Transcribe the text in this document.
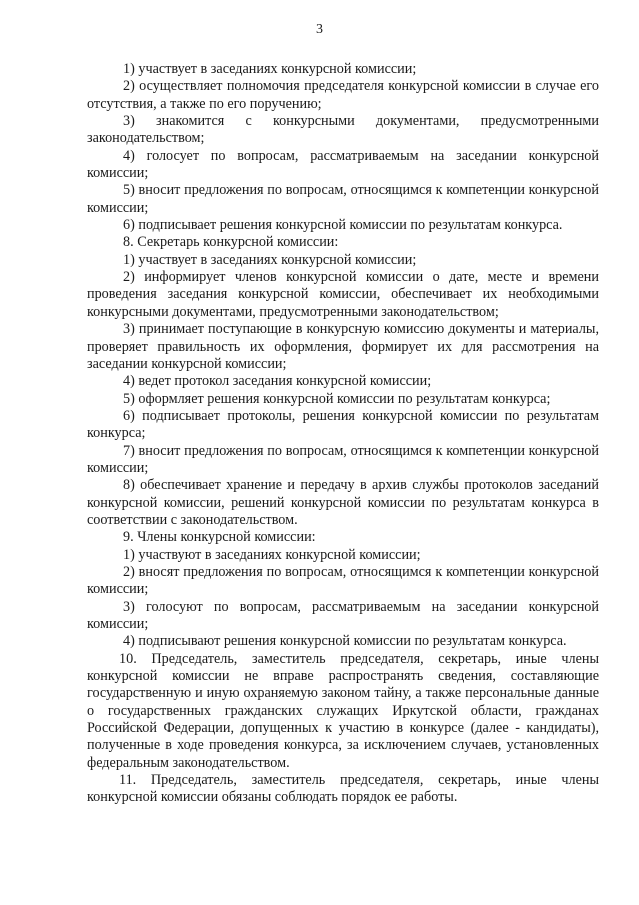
3

1) участвует в заседаниях конкурсной комиссии;

2) осуществляет полномочия председателя конкурсной комиссии в случае его отсутствия, а также по его поручению;

3) знакомится с конкурсными документами, предусмотренными законодательством;

4) голосует по вопросам, рассматриваемым на заседании конкурсной комиссии;

5) вносит предложения по вопросам, относящимся к компетенции конкурсной комиссии;

6) подписывает решения конкурсной комиссии по результатам конкурса.

8. Секретарь конкурсной комиссии:

1) участвует в заседаниях конкурсной комиссии;

2) информирует членов конкурсной комиссии о дате, месте и времени проведения заседания конкурсной комиссии, обеспечивает их необходимыми конкурсными документами, предусмотренными законодательством;

3) принимает поступающие в конкурсную комиссию документы и материалы, проверяет правильность их оформления, формирует их для рассмотрения на заседании конкурсной комиссии;

4) ведет протокол заседания конкурсной комиссии;

5) оформляет решения конкурсной комиссии по результатам конкурса;

6) подписывает протоколы, решения конкурсной комиссии по результатам конкурса;

7) вносит предложения по вопросам, относящимся к компетенции конкурсной комиссии;

8) обеспечивает хранение и передачу в архив службы протоколов заседаний конкурсной комиссии, решений конкурсной комиссии по результатам конкурса в соответствии с законодательством.

9. Члены конкурсной комиссии:

1) участвуют в заседаниях конкурсной комиссии;

2) вносят предложения по вопросам, относящимся к компетенции конкурсной комиссии;

3) голосуют по вопросам, рассматриваемым на заседании конкурсной комиссии;

4) подписывают решения конкурсной комиссии по результатам конкурса.

10. Председатель, заместитель председателя, секретарь, иные члены конкурсной комиссии не вправе распространять сведения, составляющие государственную и иную охраняемую законом тайну, а также персональные данные о государственных гражданских служащих Иркутской области, гражданах Российской Федерации, допущенных к участию в конкурсе (далее - кандидаты), полученные в ходе проведения конкурса, за исключением случаев, установленных федеральным законодательством.

11. Председатель, заместитель председателя, секретарь, иные члены конкурсной комиссии обязаны соблюдать порядок ее работы.
